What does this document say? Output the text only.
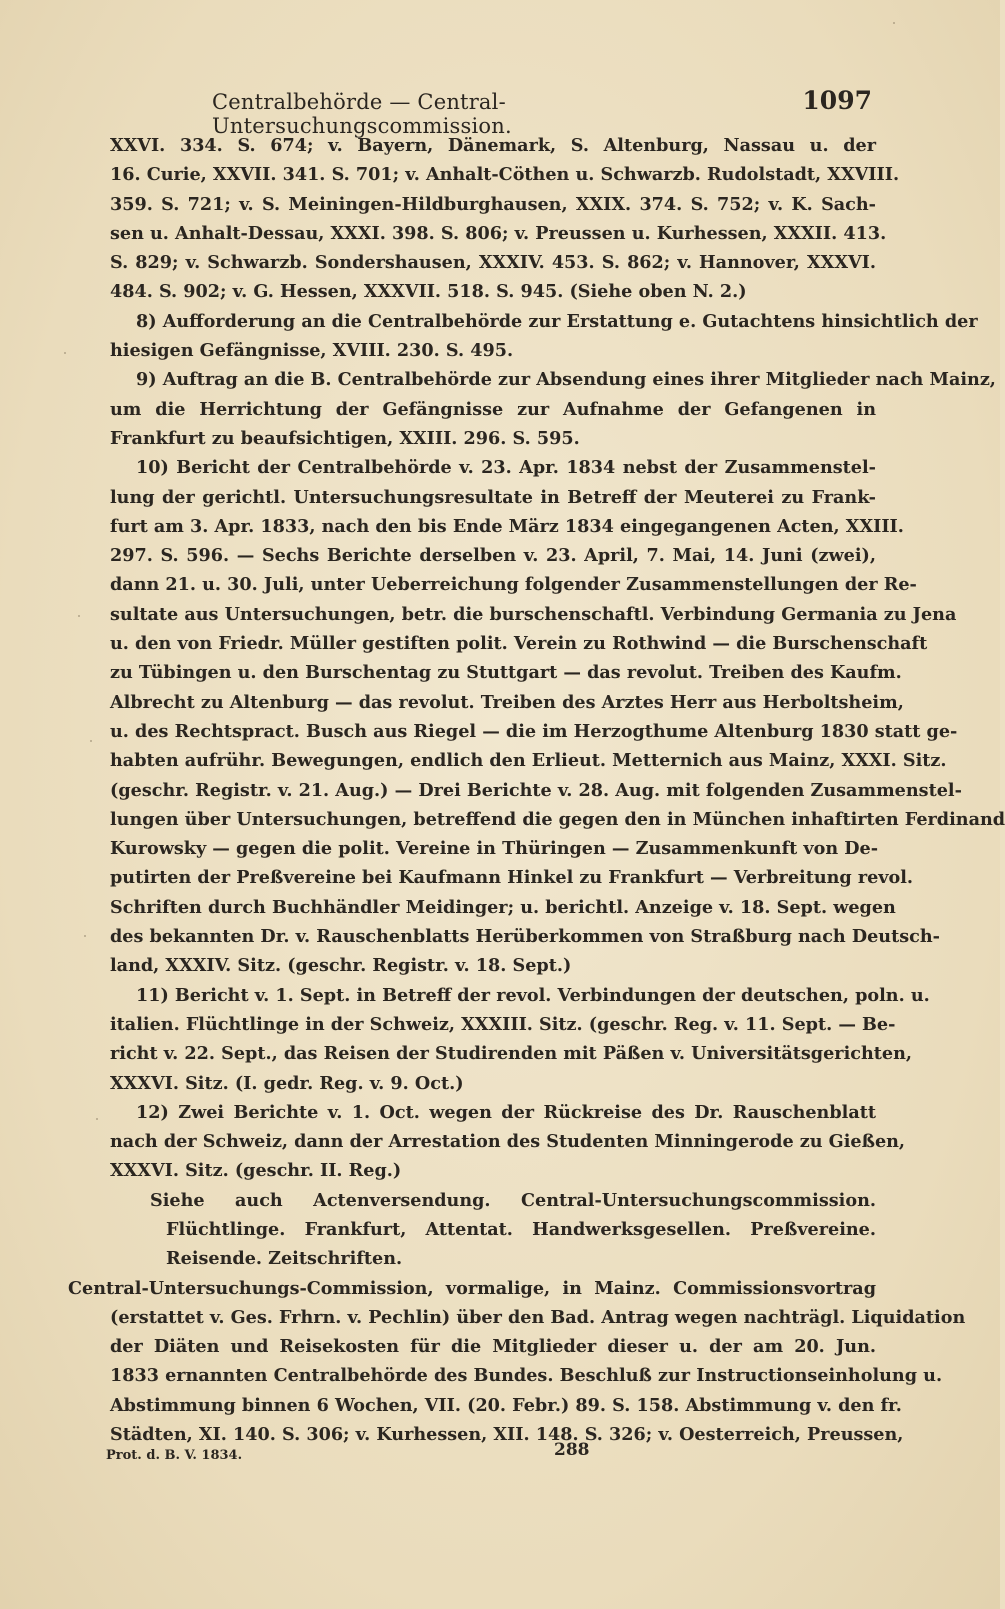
Centralbehörde — Central-Untersuchungscommission.
1097
XXVI. 334. S. 674; v. Bayern, Dänemark, S. Altenburg, Nassau u. der
16. Curie, XXVII. 341. S. 701; v. Anhalt-Cöthen u. Schwarzb. Rudolstadt, XXVIII.
359. S. 721; v. S. Meiningen-Hildburghausen, XXIX. 374. S. 752; v. K. Sach-
sen u. Anhalt-Dessau, XXXI. 398. S. 806; v. Preussen u. Kurhessen, XXXII. 413.
S. 829; v. Schwarzb. Sondershausen, XXXIV. 453. S. 862; v. Hannover, XXXVI.
484. S. 902; v. G. Hessen, XXXVII. 518. S. 945. (Siehe oben N. 2.)
8) Aufforderung an die Centralbehörde zur Erstattung e. Gutachtens hinsichtlich der
hiesigen Gefängnisse, XVIII. 230. S. 495.
9) Auftrag an die B. Centralbehörde zur Absendung eines ihrer Mitglieder nach Mainz,
um die Herrichtung der Gefängnisse zur Aufnahme der Gefangenen in
Frankfurt zu beaufsichtigen, XXIII. 296. S. 595.
10) Bericht der Centralbehörde v. 23. Apr. 1834 nebst der Zusammenstel-
lung der gerichtl. Untersuchungsresultate in Betreff der Meuterei zu Frank-
furt am 3. Apr. 1833, nach den bis Ende März 1834 eingegangenen Acten, XXIII.
297. S. 596. — Sechs Berichte derselben v. 23. April, 7. Mai, 14. Juni (zwei),
dann 21. u. 30. Juli, unter Ueberreichung folgender Zusammenstellungen der Re-
sultate aus Untersuchungen, betr. die burschenschaftl. Verbindung Germania zu Jena
u. den von Friedr. Müller gestiften polit. Verein zu Rothwind — die Burschenschaft
zu Tübingen u. den Burschentag zu Stuttgart — das revolut. Treiben des Kaufm.
Albrecht zu Altenburg — das revolut. Treiben des Arztes Herr aus Herboltsheim,
u. des Rechtspract. Busch aus Riegel — die im Herzogthume Altenburg 1830 statt ge-
habten aufrühr. Bewegungen, endlich den Erlieut. Metternich aus Mainz, XXXI. Sitz.
(geschr. Registr. v. 21. Aug.) — Drei Berichte v. 28. Aug. mit folgenden Zusammenstel-
lungen über Untersuchungen, betreffend die gegen den in München inhaftirten Ferdinand
Kurowsky — gegen die polit. Vereine in Thüringen — Zusammenkunft von De-
putirten der Preßvereine bei Kaufmann Hinkel zu Frankfurt — Verbreitung revol.
Schriften durch Buchhändler Meidinger; u. berichtl. Anzeige v. 18. Sept. wegen
des bekannten Dr. v. Rauschenblatts Herüberkommen von Straßburg nach Deutsch-
land, XXXIV. Sitz. (geschr. Registr. v. 18. Sept.)
11) Bericht v. 1. Sept. in Betreff der revol. Verbindungen der deutschen, poln. u.
italien. Flüchtlinge in der Schweiz, XXXIII. Sitz. (geschr. Reg. v. 11. Sept. — Be-
richt v. 22. Sept., das Reisen der Studirenden mit Päßen v. Universitätsgerichten,
XXXVI. Sitz. (I. gedr. Reg. v. 9. Oct.)
12) Zwei Berichte v. 1. Oct. wegen der Rückreise des Dr. Rauschenblatt
nach der Schweiz, dann der Arrestation des Studenten Minningerode zu Gießen,
XXXVI. Sitz. (geschr. II. Reg.)
Siehe auch Actenversendung. Central-Untersuchungscommission.
Flüchtlinge. Frankfurt, Attentat. Handwerksgesellen. Preßvereine.
Reisende. Zeitschriften.
Central-Untersuchungs-Commission, vormalige, in Mainz. Commissionsvortrag
(erstattet v. Ges. Frhrn. v. Pechlin) über den Bad. Antrag wegen nachträgl. Liquidation
der Diäten und Reisekosten für die Mitglieder dieser u. der am 20. Jun.
1833 ernannten Centralbehörde des Bundes. Beschluß zur Instructionseinholung u.
Abstimmung binnen 6 Wochen, VII. (20. Febr.) 89. S. 158. Abstimmung v. den fr.
Städten, XI. 140. S. 306; v. Kurhessen, XII. 148. S. 326; v. Oesterreich, Preussen,
Prot. d. B. V. 1834.	288
